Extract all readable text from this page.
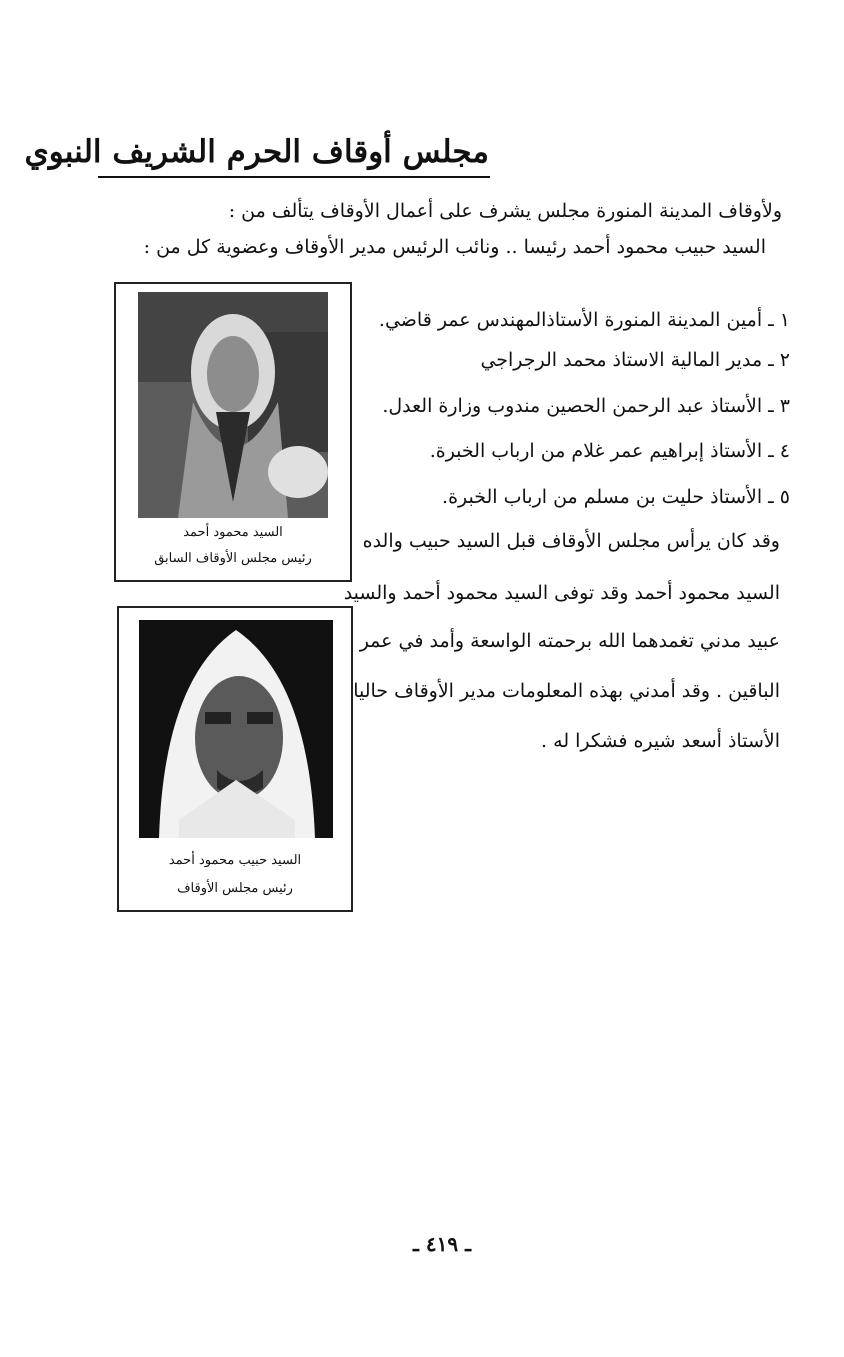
مجلس أوقاف الحرم الشريف النبوي
ولأوقاف المدينة المنورة مجلس يشرف على أعمال الأوقاف يتألف من :
السيد حبيب محمود أحمد رئيسا .. ونائب الرئيس مدير الأوقاف وعضوية كل من :
السيد محمود أحمد
رئيس مجلس الأوقاف السابق
السيد حبيب محمود أحمد
رئيس مجلس الأوقاف
١ ـ أمين المدينة المنورة الأستاذالمهندس عمر قاضي.
٢ ـ مدير المالية الاستاذ محمد الرجراجي
٣ ـ الأستاذ عبد الرحمن الحصين مندوب وزارة العدل.
٤ ـ الأستاذ إبراهيم عمر غلام من ارباب الخبرة.
٥ ـ الأستاذ حليت بن مسلم من ارباب الخبرة.
وقد كان يرأس مجلس الأوقاف قبل السيد حبيب والده
السيد محمود أحمد وقد توفى السيد محمود أحمد والسيد
عبيد مدني تغمدهما الله برحمته الواسعة وأمد في عمر
الباقين . وقد أمدني بهذه المعلومات مدير الأوقاف حاليا
الأستاذ أسعد شيره فشكرا له .
ـ ٤١٩ ـ
